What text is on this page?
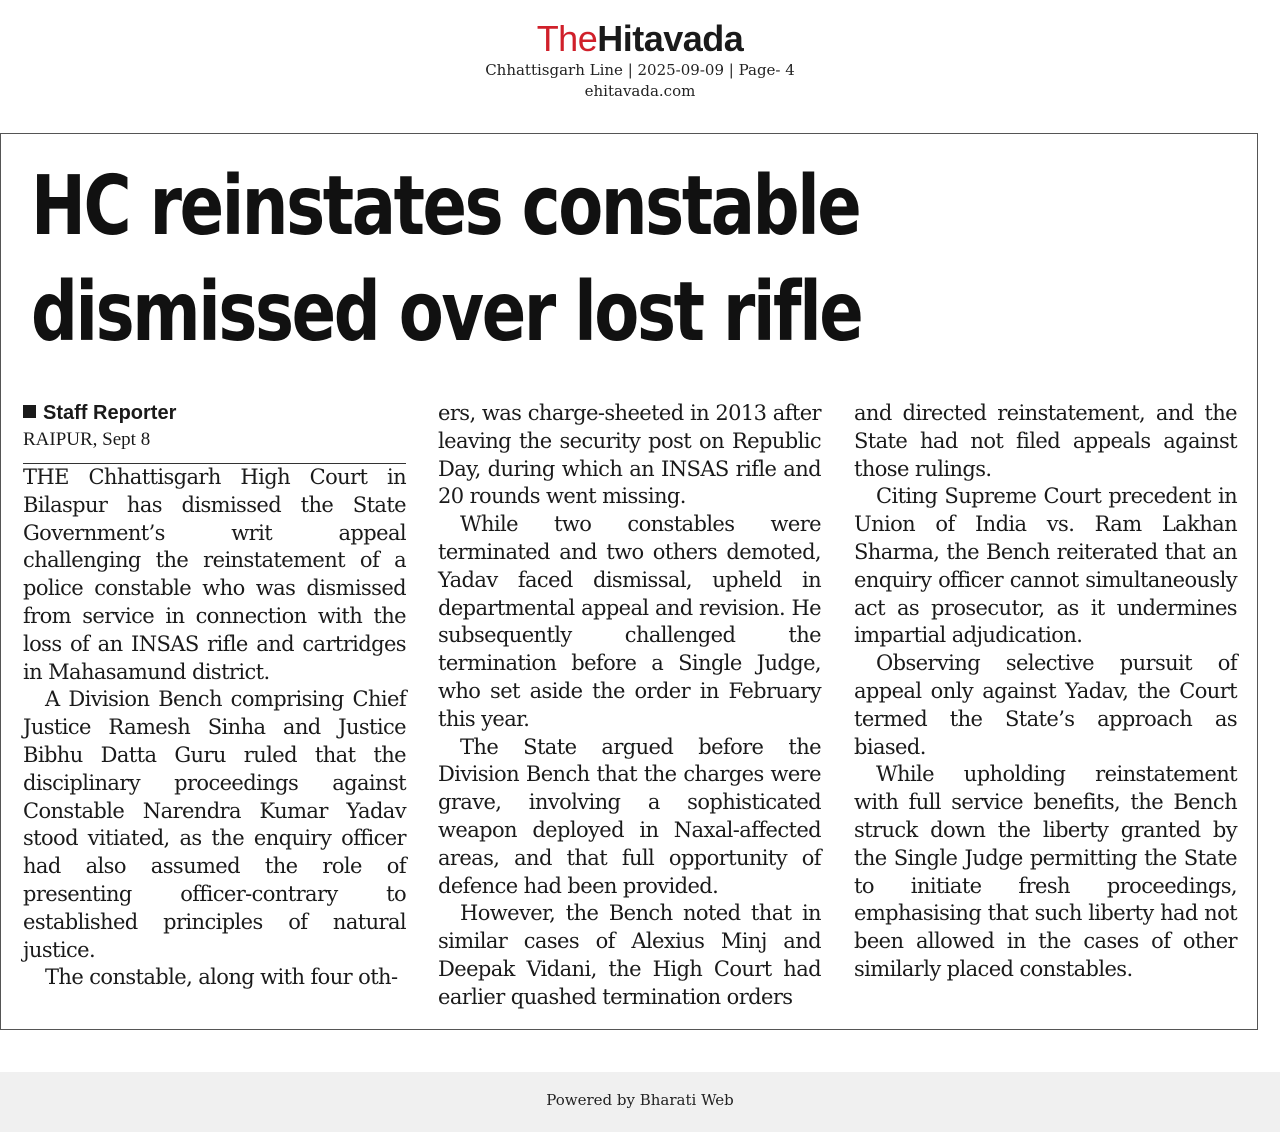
TheHitavada
Chhattisgarh Line | 2025-09-09 | Page- 4
ehitavada.com
HC reinstates constable
dismissed over lost rifle

Staff Reporter

RAIPUR, Sept 8

THE Chhattisgarh High Court in Bilaspur has dismissed the State Government’s writ appeal challenging the reinstatement of a police constable who was dismissed from service in connection with the loss of an INSAS rifle and cartridges in Mahasamund district.

A Division Bench comprising Chief Justice Ramesh Sinha and Justice Bibhu Datta Guru ruled that the disciplinary proceedings against Constable Narendra Kumar Yadav stood vitiated, as the enquiry officer had also assumed the role of presenting officer-contrary to established principles of natural justice.

The constable, along with four oth-

ers, was charge-sheeted in 2013 after leaving the security post on Republic Day, during which an INSAS rifle and 20 rounds went missing.

While two constables were terminated and two others demoted, Yadav faced dismissal, upheld in departmental appeal and revision. He subsequently challenged the termination before a Single Judge, who set aside the order in February this year.

The State argued before the Division Bench that the charges were grave, involving a sophisticated weapon deployed in Naxal-affected areas, and that full opportunity of defence had been provided.

However, the Bench noted that in similar cases of Alexius Minj and Deepak Vidani, the High Court had earlier quashed termination orders

and directed reinstatement, and the State had not filed appeals against those rulings.

Citing Supreme Court precedent in Union of India vs. Ram Lakhan Sharma, the Bench reiterated that an enquiry officer cannot simultaneously act as prosecutor, as it undermines impartial adjudication.

Observing selective pursuit of appeal only against Yadav, the Court termed the State’s approach as biased.

While upholding reinstatement with full service benefits, the Bench struck down the liberty granted by the Single Judge permitting the State to initiate fresh proceedings, emphasising that such liberty had not been allowed in the cases of other similarly placed constables.

Powered by Bharati Web
